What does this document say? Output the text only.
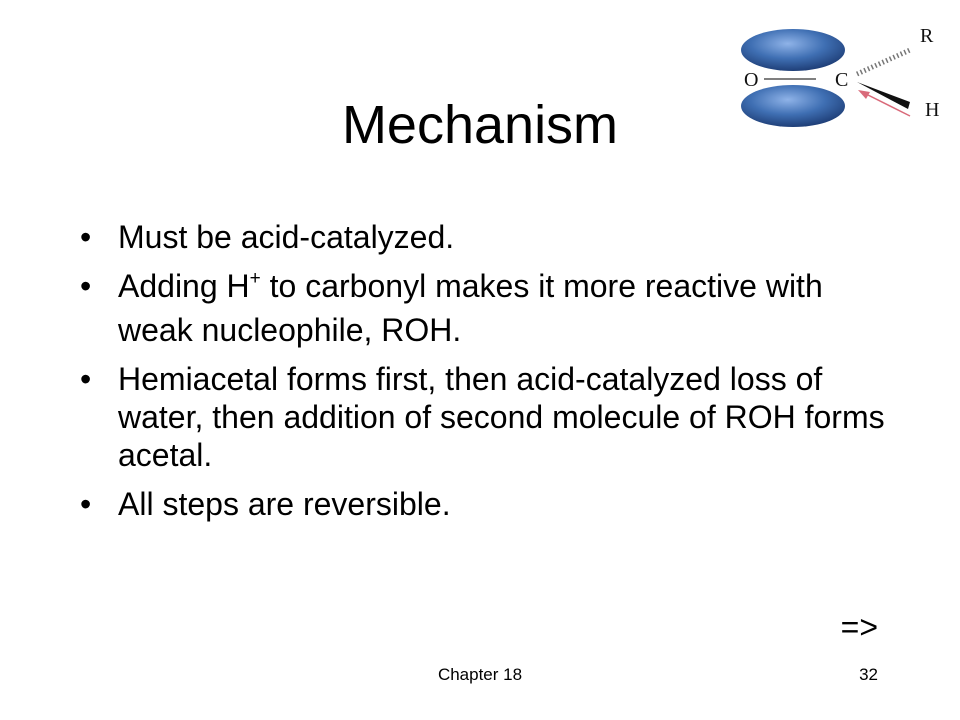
O	C
R
H
Mechanism
• Must be acid-catalyzed.
• Adding H+ to carbonyl makes it more reactive with weak nucleophile, ROH.
• Hemiacetal forms first, then acid-catalyzed loss of water, then addition of second molecule of ROH forms acetal.
• All steps are reversible.
=>
Chapter 18	32
